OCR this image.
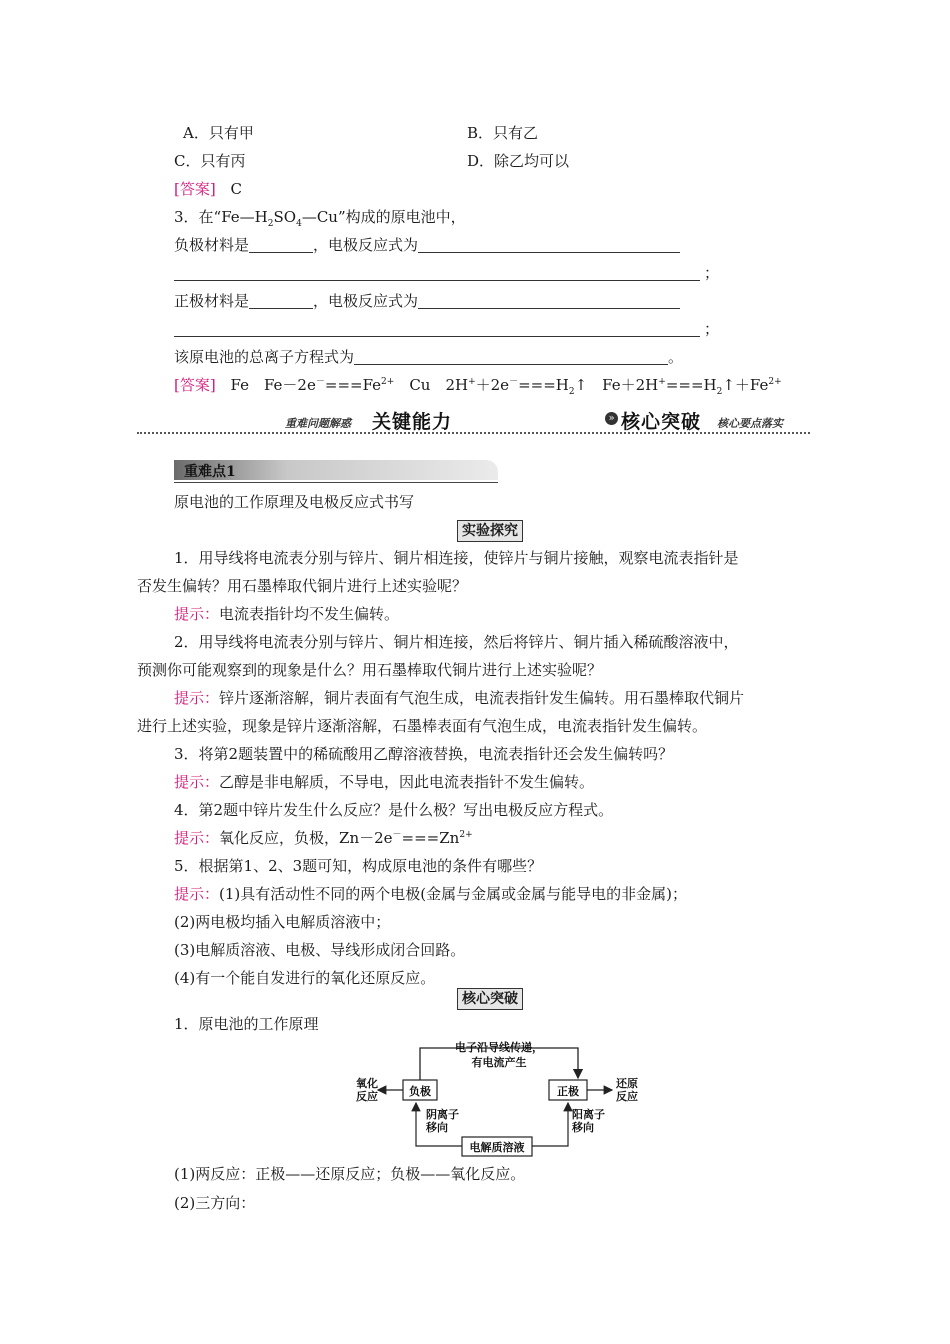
A．只有甲	B．只有乙
C．只有丙	D．除乙均可以
[答案] C
3．在“$Fe—H_2SO_4—Cu$”构成的原电池中，
负极材料是	，电极反应式为
；
正极材料是	，电极反应式为
；
该原电池的总离子方程式为	。
[答案] Fe　$Fe-2e^-===Fe^{2+}$　Cu　$2H^++2e^-===H_2↑$　$Fe+2H^+===H_2↑+Fe^{2+}$
重难问题解惑 关键能力	» 核心突破 核心要点落实
重难点1
原电池的工作原理及电极反应式书写
实验探究
1．用导线将电流表分别与锌片、铜片相连接，使锌片与铜片接触，观察电流表指针是
否发生偏转？用石墨棒取代铜片进行上述实验呢？
提示：电流表指针均不发生偏转。
2．用导线将电流表分别与锌片、铜片相连接，然后将锌片、铜片插入稀硫酸溶液中，
预测你可能观察到的现象是什么？用石墨棒取代铜片进行上述实验呢？
提示：锌片逐渐溶解，铜片表面有气泡生成，电流表指针发生偏转。用石墨棒取代铜片
进行上述实验，现象是锌片逐渐溶解，石墨棒表面有气泡生成，电流表指针发生偏转。
3．将第2题装置中的稀硫酸用乙醇溶液替换，电流表指针还会发生偏转吗？
提示：乙醇是非电解质，不导电，因此电流表指针不发生偏转。
4．第2题中锌片发生什么反应？是什么极？写出电极反应方程式。
提示：氧化反应，负极，$Zn-2e^-===Zn^{2+}$
5．根据第1、2、3题可知，构成原电池的条件有哪些？
提示：(1)具有活动性不同的两个电极(金属与金属或金属与能导电的非金属)；
(2)两电极均插入电解质溶液中；
(3)电解质溶液、电极、导线形成闭合回路。
(4)有一个能自发进行的氧化还原反应。
核心突破
1．原电池的工作原理
电子沿导线传递，
有电流产生
负极	正极
氧化
反应
还原
反应
电解质溶液
阴离子
移向
阳离子
移向
(1)两反应：正极——还原反应；负极——氧化反应。
(2)三方向：
